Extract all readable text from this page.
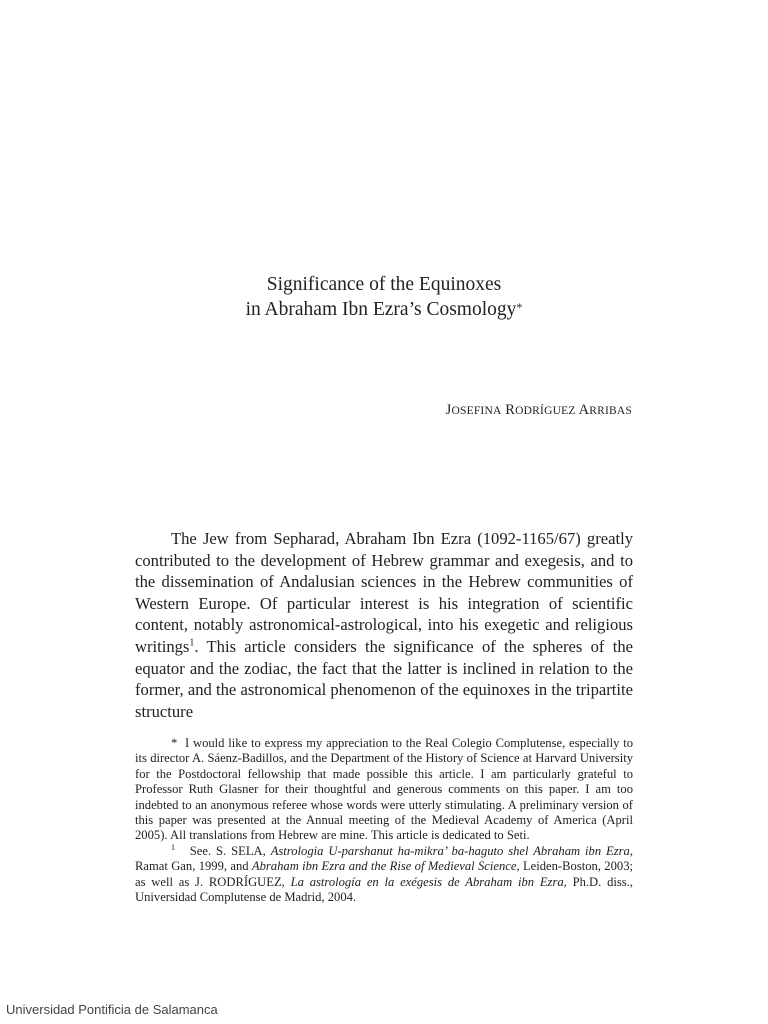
Significance of the Equinoxes
in Abraham Ibn Ezra’s Cosmology*
JOSEFINA RODRÍGUEZ ARRIBAS

The Jew from Sepharad, Abraham Ibn Ezra (1092-1165/67) greatly contributed to the development of Hebrew grammar and exegesis, and to the dissemination of Andalusian sciences in the Hebrew communities of Western Europe. Of particular interest is his integration of scientific content, notably astronomical-astrological, into his exegetic and religious writings$^1$. This article considers the significance of the spheres of the equator and the zodiac, the fact that the latter is inclined in relation to the former, and the astronomical phenomenon of the equinoxes in the tripartite structure

* I would like to express my appreciation to the Real Colegio Complutense, especially to its director A. Sáenz-Badillos, and the Department of the History of Science at Harvard University for the Postdoctoral fellowship that made possible this article. I am particularly grateful to Professor Ruth Glasner for their thoughtful and generous comments on this paper. I am too indebted to an anonymous referee whose words were utterly stimulating. A preliminary version of this paper was presented at the Annual meeting of the Medieval Academy of America (April 2005). All translations from Hebrew are mine. This article is dedicated to Seti.

$^1$ See. S. SELA, Astrologia U-parshanut ha-mikra’ ba-haguto shel Abraham ibn Ezra, Ramat Gan, 1999, and Abraham ibn Ezra and the Rise of Medieval Science, Leiden-Boston, 2003; as well as J. RODRÍGUEZ, La astrología en la exégesis de Abraham ibn Ezra, Ph.D. diss., Universidad Complutense de Madrid, 2004.

Universidad Pontificia de Salamanca
